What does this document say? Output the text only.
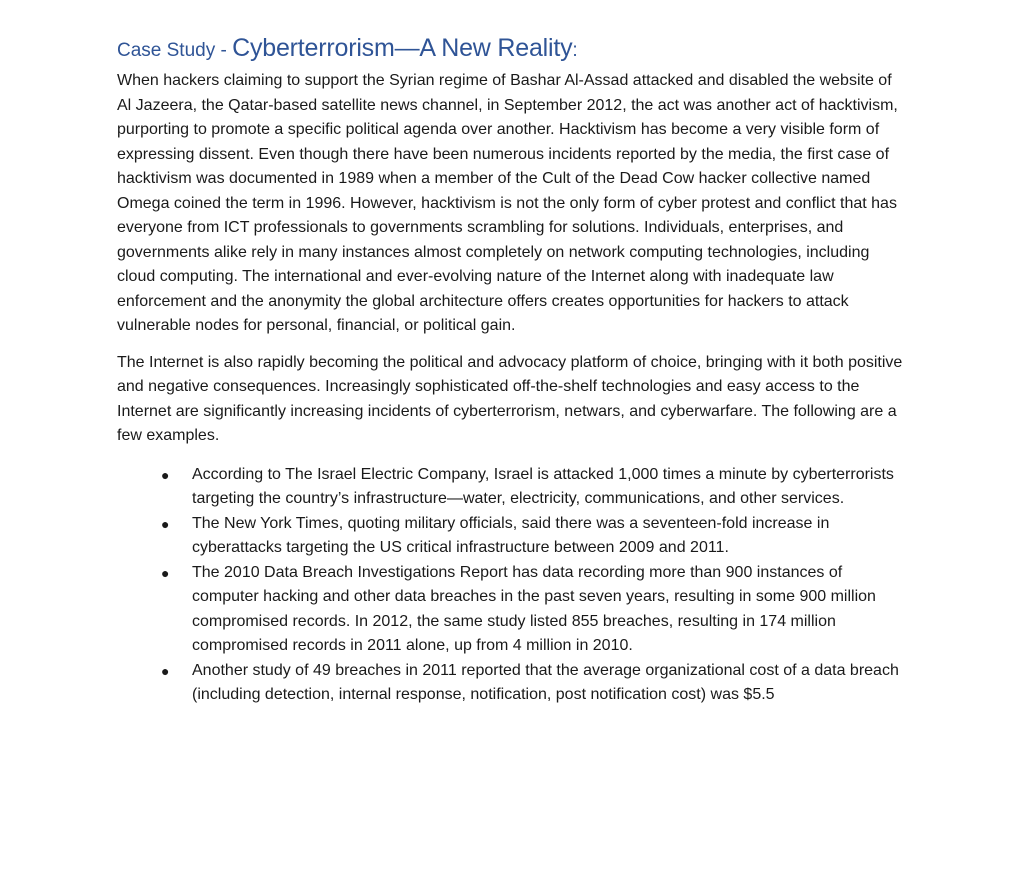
Case Study - Cyberterrorism—A New Reality:

When hackers claiming to support the Syrian regime of Bashar Al-Assad attacked and disabled the website of Al Jazeera, the Qatar-based satellite news channel, in September 2012, the act was another act of hacktivism, purporting to promote a specific political agenda over another. Hacktivism has become a very visible form of expressing dissent. Even though there have been numerous incidents reported by the media, the first case of hacktivism was documented in 1989 when a member of the Cult of the Dead Cow hacker collective named Omega coined the term in 1996. However, hacktivism is not the only form of cyber protest and conflict that has everyone from ICT professionals to governments scrambling for solutions. Individuals, enterprises, and governments alike rely in many instances almost completely on network computing technologies, including cloud computing. The international and ever-evolving nature of the Internet along with inadequate law enforcement and the anonymity the global architecture offers creates opportunities for hackers to attack vulnerable nodes for personal, financial, or political gain.

The Internet is also rapidly becoming the political and advocacy platform of choice, bringing with it both positive and negative consequences. Increasingly sophisticated off-the-shelf technologies and easy access to the Internet are significantly increasing incidents of cyberterrorism, netwars, and cyberwarfare. The following are a few examples.

● According to The Israel Electric Company, Israel is attacked 1,000 times a minute by cyberterrorists targeting the country’s infrastructure—water, electricity, communications, and other services.
● The New York Times, quoting military officials, said there was a seventeen-fold increase in cyberattacks targeting the US critical infrastructure between 2009 and 2011.
● The 2010 Data Breach Investigations Report has data recording more than 900 instances of computer hacking and other data breaches in the past seven years, resulting in some 900 million compromised records. In 2012, the same study listed 855 breaches, resulting in 174 million compromised records in 2011 alone, up from 4 million in 2010.
● Another study of 49 breaches in 2011 reported that the average organizational cost of a data breach (including detection, internal response, notification, post notification cost) was $5.5
